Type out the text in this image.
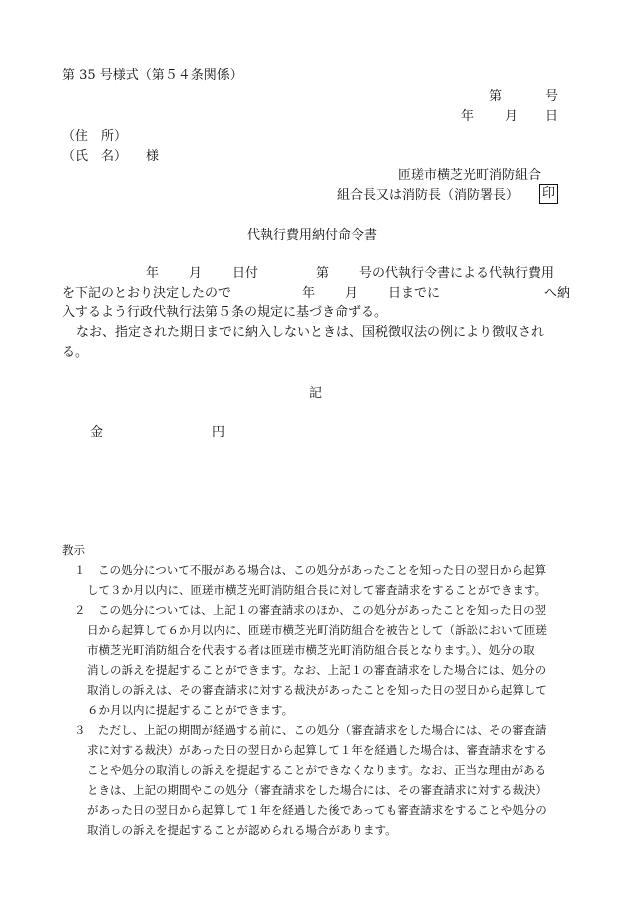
第 35 号様式（第５４条関係）
第	号
年 月 日
（住　所）
（氏　名） 様
匝瑳市横芝光町消防組合
組合長又は消防長（消防署長） 印
代執行費用納付命令書
年 月 日付	第 号の代執行令書による代執行費用
を下記のとおり決定したので	年 月 日までに	へ納
入するよう行政代執行法第５条の規定に基づき命ずる。
なお、指定された期日までに納入しないときは、国税徴収法の例により徴収され
る。
記
金	円
教示
１ この処分について不服がある場合は、この処分があったことを知った日の翌日から起算
して３か月以内に、匝瑳市横芝光町消防組合長に対して審査請求をすることができます。
２ この処分については、上記１の審査請求のほか、この処分があったことを知った日の翌
日から起算して６か月以内に、匝瑳市横芝光町消防組合を被告として（訴訟において匝瑳
市横芝光町消防組合を代表する者は匝瑳市横芝光町消防組合長となります。）、処分の取
消しの訴えを提起することができます。なお、上記１の審査請求をした場合には、処分の
取消しの訴えは、その審査請求に対する裁決があったことを知った日の翌日から起算して
６か月以内に提起することができます。
３ ただし、上記の期間が経過する前に、この処分（審査請求をした場合には、その審査請
求に対する裁決）があった日の翌日から起算して１年を経過した場合は、審査請求をする
ことや処分の取消しの訴えを提起することができなくなります。なお、正当な理由がある
ときは、上記の期間やこの処分（審査請求をした場合には、その審査請求に対する裁決）
があった日の翌日から起算して１年を経過した後であっても審査請求をすることや処分の
取消しの訴えを提起することが認められる場合があります。
